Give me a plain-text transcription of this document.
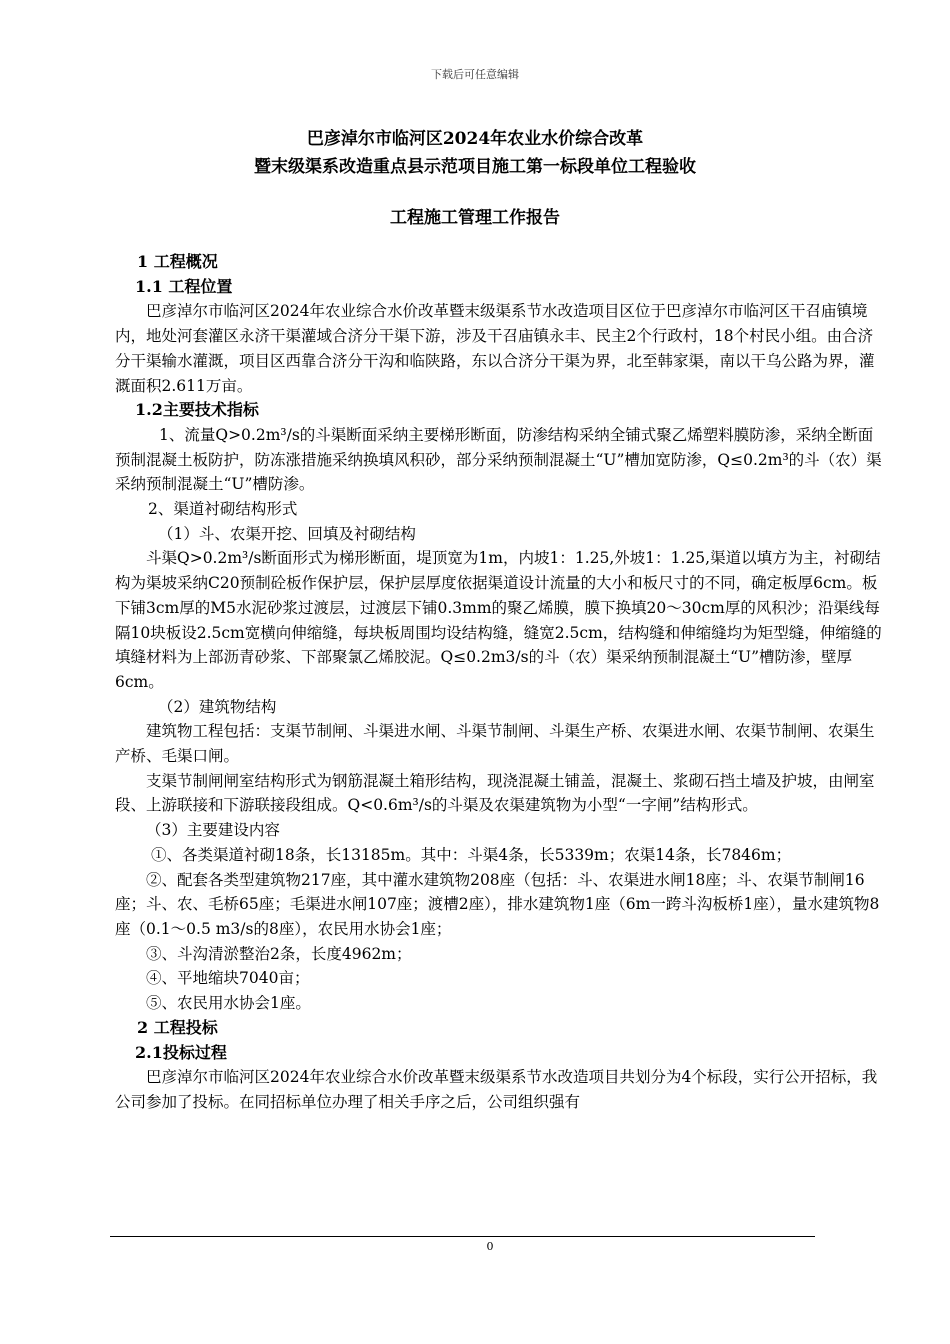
下载后可任意编辑
巴彦淖尔市临河区2024年农业水价综合改革
暨末级渠系改造重点县示范项目施工第一标段单位工程验收
工程施工管理工作报告

1 工程概况

1.1 工程位置

巴彦淖尔市临河区2024年农业综合水价改革暨末级渠系节水改造项目区位于巴彦淖尔市临河区干召庙镇境内，地处河套灌区永济干渠灌域合济分干渠下游，涉及干召庙镇永丰、民主2个行政村，18个村民小组。由合济分干渠输水灌溉，项目区西靠合济分干沟和临陕路，东以合济分干渠为界，北至韩家渠，南以干乌公路为界，灌溉面积2.611万亩。

1.2主要技术指标

1、流量Q>0.2m³/s的斗渠断面采纳主要梯形断面，防渗结构采纳全铺式聚乙烯塑料膜防渗，采纳全断面预制混凝土板防护，防冻涨措施采纳换填风积砂，部分采纳预制混凝土“U”槽加宽防渗，Q≤0.2m³的斗（农）渠采纳预制混凝土“U”槽防渗。

2、渠道衬砌结构形式

（1）斗、农渠开挖、回填及衬砌结构

斗渠Q>0.2m³/s断面形式为梯形断面，堤顶宽为1m，内坡1：1.25,外坡1：1.25,渠道以填方为主，衬砌结构为渠坡采纳C20预制砼板作保护层，保护层厚度依据渠道设计流量的大小和板尺寸的不同，确定板厚6cm。板下铺3cm厚的M5水泥砂浆过渡层，过渡层下铺0.3mm的聚乙烯膜，膜下换填20～30cm厚的风积沙；沿渠线每隔10块板设2.5cm宽横向伸缩缝，每块板周围均设结构缝，缝宽2.5cm，结构缝和伸缩缝均为矩型缝，伸缩缝的填缝材料为上部沥青砂浆、下部聚氯乙烯胶泥。Q≤0.2m3/s的斗（农）渠采纳预制混凝土“U”槽防渗，壁厚6cm。

（2）建筑物结构

建筑物工程包括：支渠节制闸、斗渠进水闸、斗渠节制闸、斗渠生产桥、农渠进水闸、农渠节制闸、农渠生产桥、毛渠口闸。

支渠节制闸闸室结构形式为钢筋混凝土箱形结构，现浇混凝土铺盖，混凝土、浆砌石挡土墙及护坡，由闸室段、上游联接和下游联接段组成。Q<0.6m³/s的斗渠及农渠建筑物为小型“一字闸”结构形式。

（3）主要建设内容

①、各类渠道衬砌18条，长13185m。其中：斗渠4条，长5339m；农渠14条，长7846m；

②、配套各类型建筑物217座，其中灌水建筑物208座（包括：斗、农渠进水闸18座；斗、农渠节制闸16座；斗、农、毛桥65座；毛渠进水闸107座；渡槽2座），排水建筑物1座（6m一跨斗沟板桥1座），量水建筑物8座（0.1～0.5 m3/s的8座），农民用水协会1座；

③、斗沟清淤整治2条，长度4962m；

④、平地缩块7040亩；

⑤、农民用水协会1座。

2 工程投标

2.1投标过程

巴彦淖尔市临河区2024年农业综合水价改革暨末级渠系节水改造项目共划分为4个标段，实行公开招标，我公司参加了投标。在同招标单位办理了相关手序之后，公司组织强有

0
